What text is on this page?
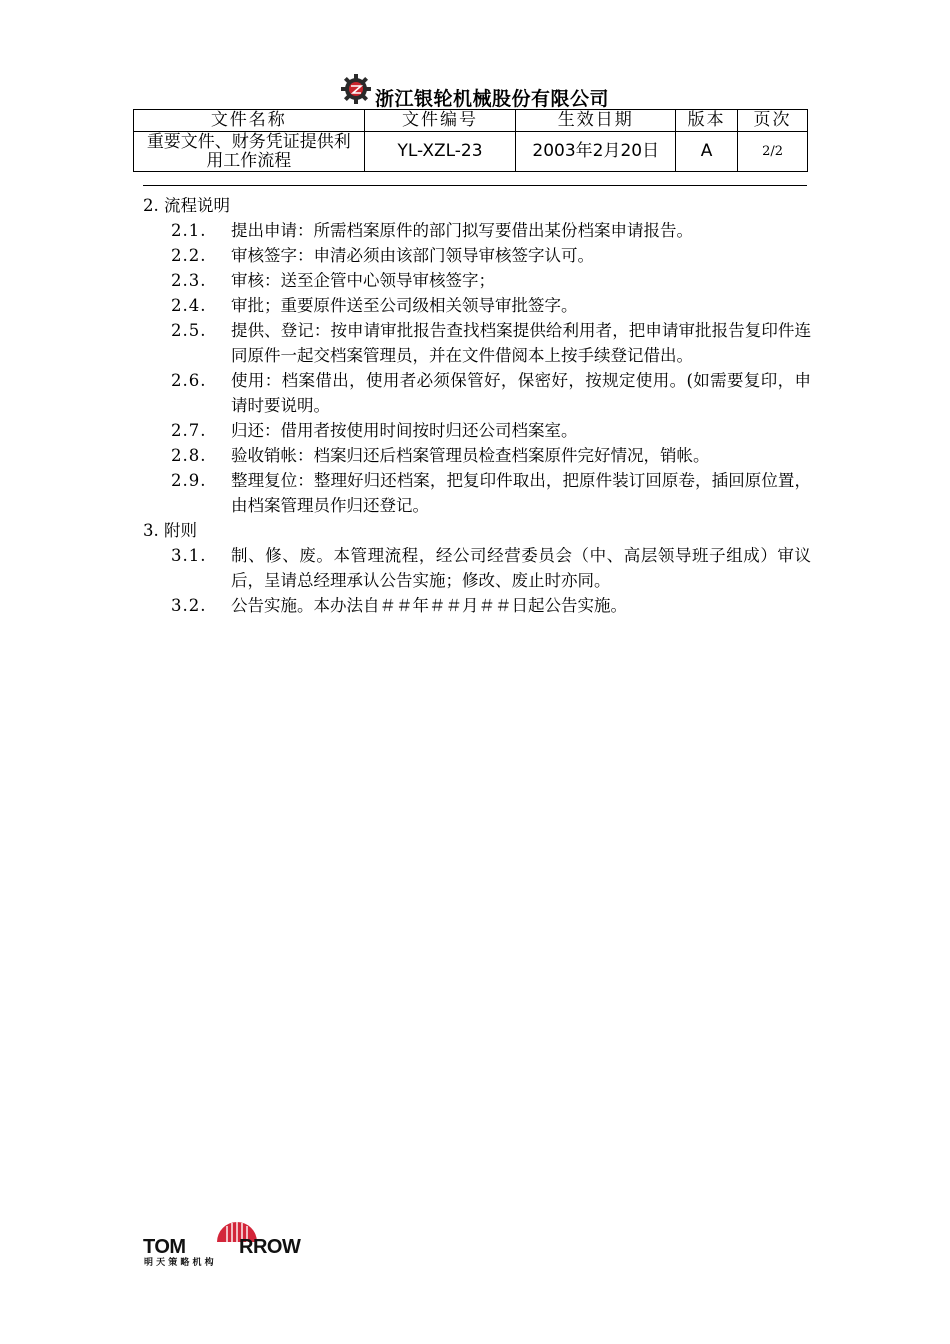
浙江银轮机械股份有限公司
文件名称	文件编号	生效日期	版本	页次
重要文件、财务凭证提供利用工作流程	YL-XZL-23	2003年2月20日	A	2/2
2. 流程说明
2.1.	提出申请：所需档案原件的部门拟写要借出某份档案申请报告。
2.2.	审核签字：申清必须由该部门领导审核签字认可。
2.3.	审核：送至企管中心领导审核签字；
2.4.	审批；重要原件送至公司级相关领导审批签字。
2.5.	提供、登记：按申请审批报告查找档案提供给利用者，把申请审批报告复印件连同原件一起交档案管理员，并在文件借阅本上按手续登记借出。
2.6.	使用：档案借出，使用者必须保管好，保密好，按规定使用。(如需要复印，申请时要说明。
2.7.	归还：借用者按使用时间按时归还公司档案室。
2.8.	验收销帐：档案归还后档案管理员检查档案原件完好情况，销帐。
2.9.	整理复位：整理好归还档案，把复印件取出，把原件装订回原卷，插回原位置， 由档案管理员作归还登记。
3. 附则
3.1.	制、修、废。本管理流程，经公司经营委员会（中、高层领导班子组成）审议后，呈请总经理承认公告实施；修改、废止时亦同。
3.2.	公告实施。本办法自＃＃年＃＃月＃＃日起公告实施。
TOM	RROW
明 天 策 略 机 构
